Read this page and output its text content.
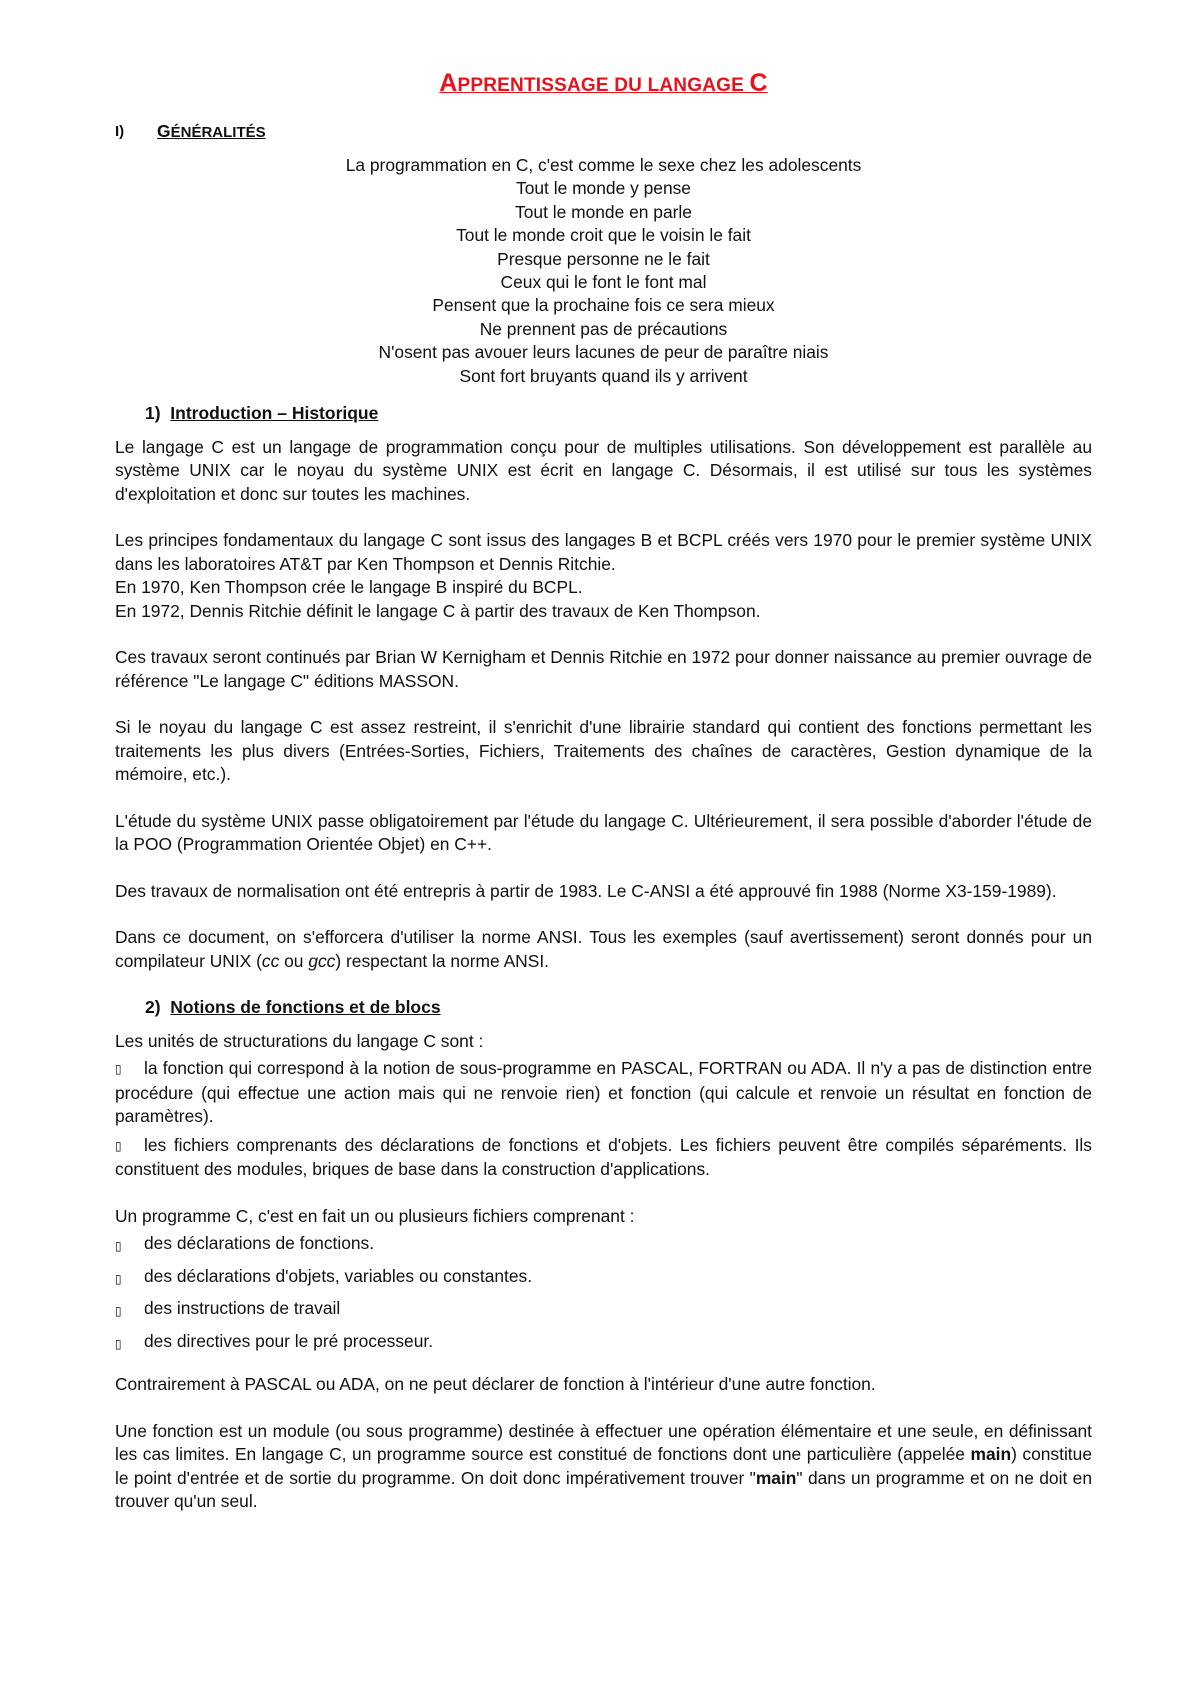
APPRENTISSAGE DU LANGAGE C
I)	GÉNÉRALITÉS
La programmation en C, c'est comme le sexe chez les adolescents
Tout le monde y pense
Tout le monde en parle
Tout le monde croit que le voisin le fait
Presque personne ne le fait
Ceux qui le font le font mal
Pensent que la prochaine fois ce sera mieux
Ne prennent pas de précautions
N'osent pas avouer leurs lacunes de peur de paraître niais
Sont fort bruyants quand ils y arrivent
1) Introduction – Historique

Le langage C est un langage de programmation conçu pour de multiples utilisations. Son développement est parallèle au système UNIX car le noyau du système UNIX est écrit en langage C. Désormais, il est utilisé sur tous les systèmes d'exploitation et donc sur toutes les machines.

Les principes fondamentaux du langage C sont issus des langages B et BCPL créés vers 1970 pour le premier système UNIX dans les laboratoires AT&T par Ken Thompson et Dennis Ritchie.

En 1970, Ken Thompson crée le langage B inspiré du BCPL.

En 1972, Dennis Ritchie définit le langage C à partir des travaux de Ken Thompson.

Ces travaux seront continués par Brian W Kernigham et Dennis Ritchie en 1972 pour donner naissance au premier ouvrage de référence "Le langage C" éditions MASSON.

Si le noyau du langage C est assez restreint, il s'enrichit d'une librairie standard qui contient des fonctions permettant les traitements les plus divers (Entrées-Sorties, Fichiers, Traitements des chaînes de caractères, Gestion dynamique de la mémoire, etc.).

L'étude du système UNIX passe obligatoirement par l'étude du langage C. Ultérieurement, il sera possible d'aborder l'étude de la POO (Programmation Orientée Objet) en C++.

Des travaux de normalisation ont été entrepris à partir de 1983. Le C-ANSI a été approuvé fin 1988 (Norme X3-159-1989).

Dans ce document, on s'efforcera d'utiliser la norme ANSI. Tous les exemples (sauf avertissement) seront donnés pour un compilateur UNIX (cc ou gcc) respectant la norme ANSI.

2) Notions de fonctions et de blocs

Les unités de structurations du langage C sont :

▯ la fonction qui correspond à la notion de sous-programme en PASCAL, FORTRAN ou ADA. Il n'y a pas de distinction entre procédure (qui effectue une action mais qui ne renvoie rien) et fonction (qui calcule et renvoie un résultat en fonction de paramètres).
▯ les fichiers comprenants des déclarations de fonctions et d'objets. Les fichiers peuvent être compilés séparéments. Ils constituent des modules, briques de base dans la construction d'applications.

Un programme C, c'est en fait un ou plusieurs fichiers comprenant :

▯	des déclarations de fonctions.
▯	des déclarations d'objets, variables ou constantes.
▯	des instructions de travail
▯	des directives pour le pré processeur.

Contrairement à PASCAL ou ADA, on ne peut déclarer de fonction à l'intérieur d'une autre fonction.

Une fonction est un module (ou sous programme) destinée à effectuer une opération élémentaire et une seule, en définissant les cas limites. En langage C, un programme source est constitué de fonctions dont une particulière (appelée main) constitue le point d'entrée et de sortie du programme. On doit donc impérativement trouver "main" dans un programme et on ne doit en trouver qu'un seul.
